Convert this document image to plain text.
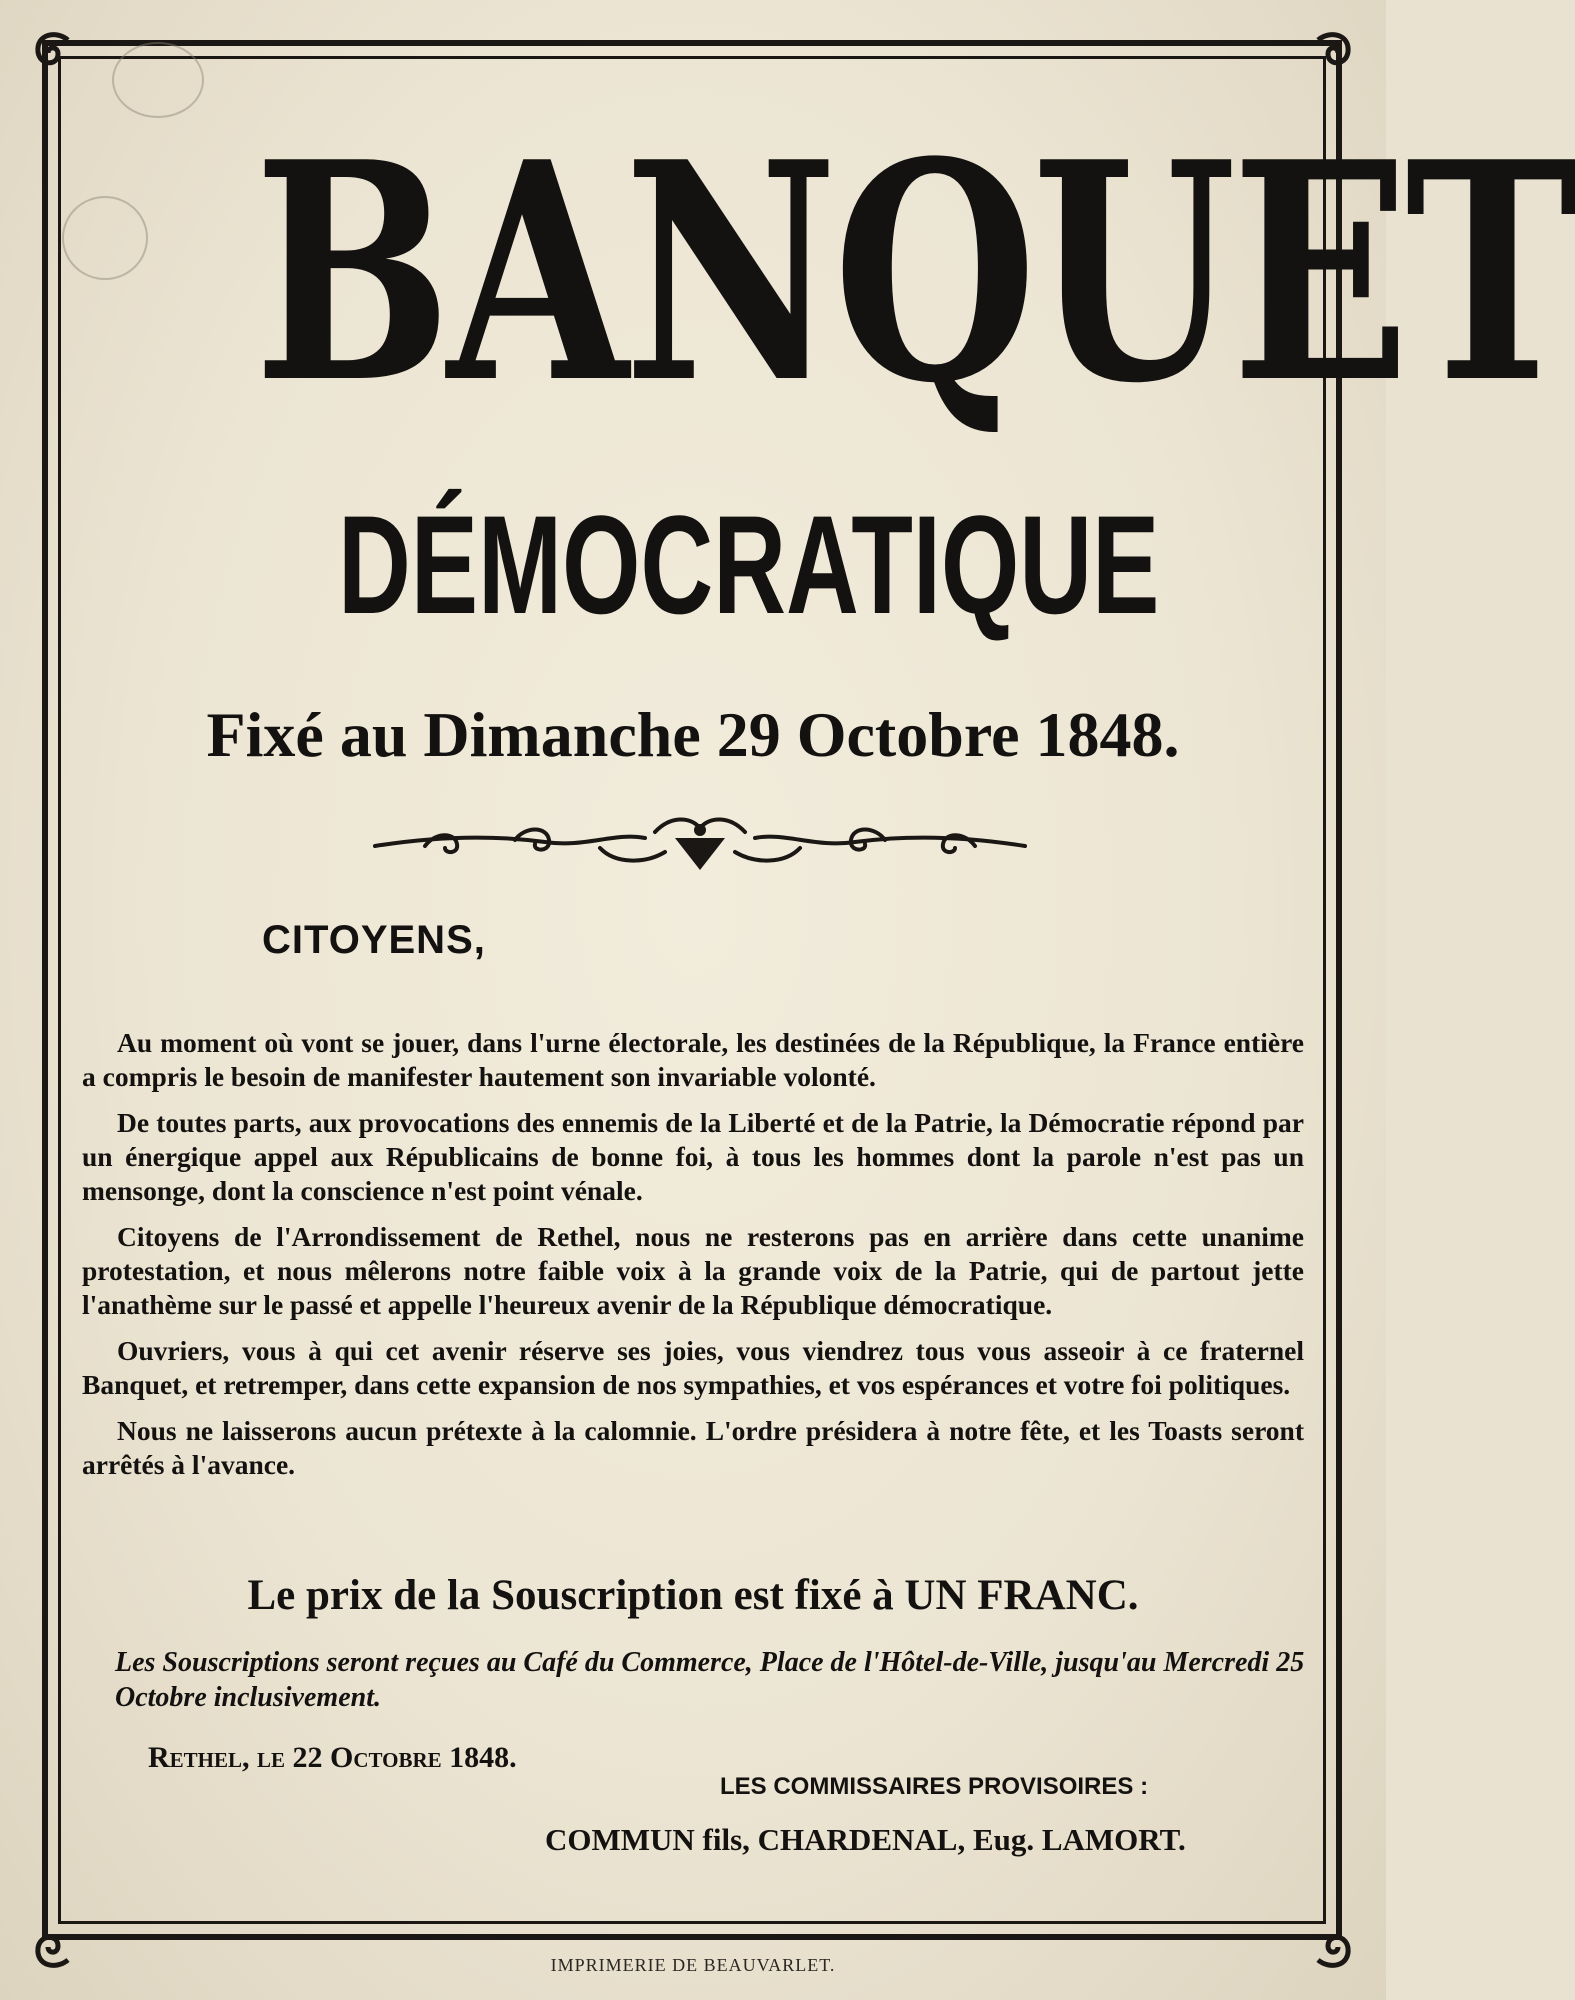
BANQUET
DÉMOCRATIQUE
Fixé au Dimanche 29 Octobre 1848.
CITOYENS,

Au moment où vont se jouer, dans l'urne électorale, les destinées de la République, la France entière a compris le besoin de manifester hautement son invariable volonté.

De toutes parts, aux provocations des ennemis de la Liberté et de la Patrie, la Démocratie répond par un énergique appel aux Républicains de bonne foi, à tous les hommes dont la parole n'est pas un mensonge, dont la conscience n'est point vénale.

Citoyens de l'Arrondissement de Rethel, nous ne resterons pas en arrière dans cette unanime protestation, et nous mêlerons notre faible voix à la grande voix de la Patrie, qui de partout jette l'anathème sur le passé et appelle l'heureux avenir de la République démocratique.

Ouvriers, vous à qui cet avenir réserve ses joies, vous viendrez tous vous asseoir à ce fraternel Banquet, et retremper, dans cette expansion de nos sympathies, et vos espérances et votre foi politiques.

Nous ne laisserons aucun prétexte à la calomnie. L'ordre présidera à notre fête, et les Toasts seront arrêtés à l'avance.

Le prix de la Souscription est fixé à UN FRANC.
Les Souscriptions seront reçues au Café du Commerce, Place de l'Hôtel-de-Ville, jusqu'au Mercredi 25 Octobre inclusivement.
Rethel, le 22 Octobre 1848.
LES COMMISSAIRES PROVISOIRES :
COMMUN fils, CHARDENAL, Eug. LAMORT.
IMPRIMERIE DE BEAUVARLET.
